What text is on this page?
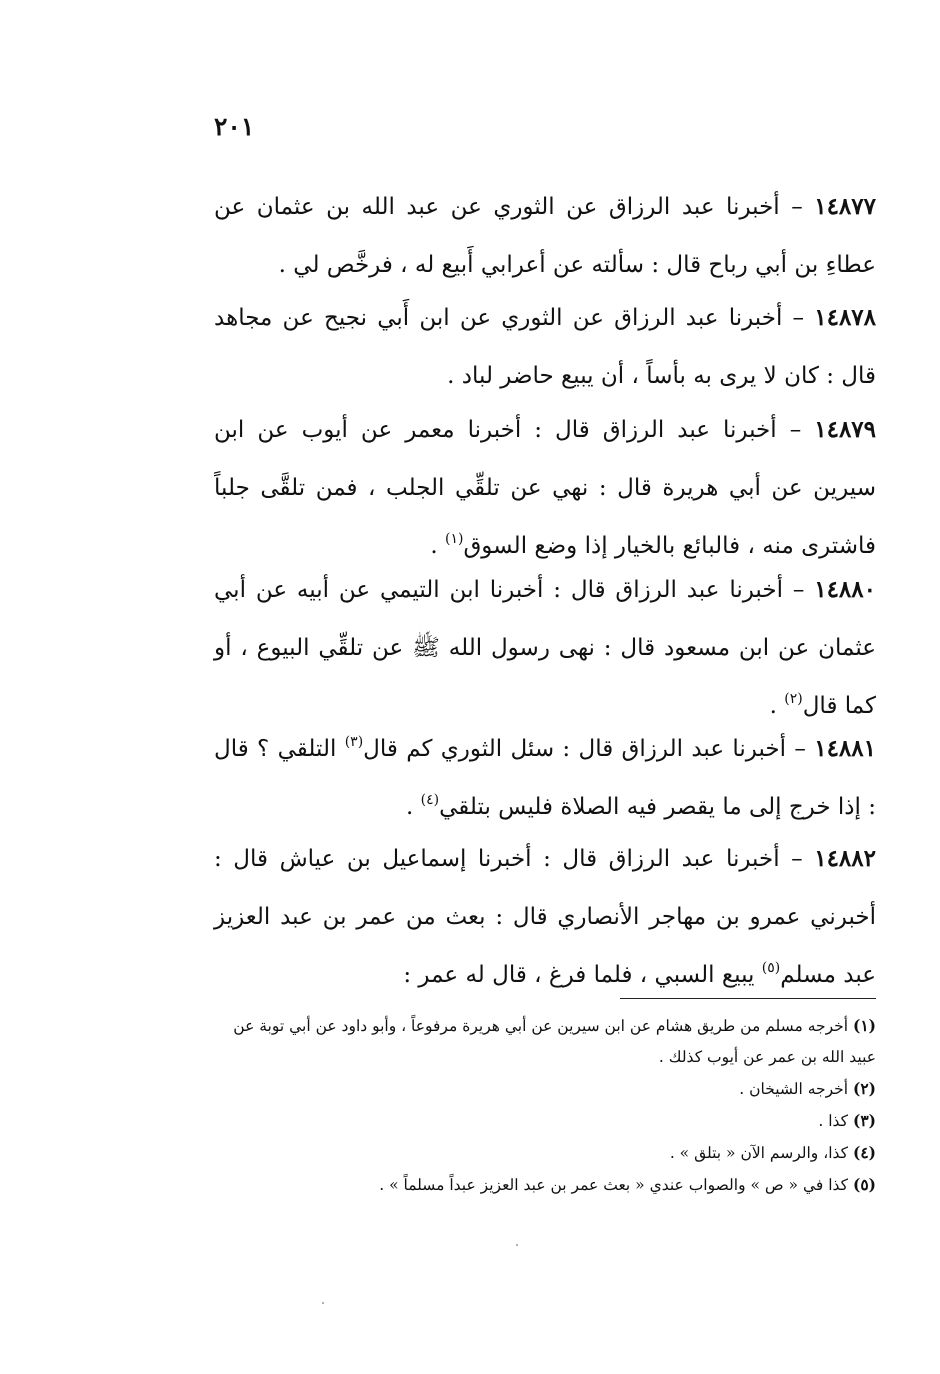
٢٠١

١٤٨٧٧ – أخبرنا عبد الرزاق عن الثوري عن عبد الله بن عثمان عن عطاءِ بن أبي رباح قال : سألته عن أعرابي أَبيع له ، فرخَّص لي .

١٤٨٧٨ – أخبرنا عبد الرزاق عن الثوري عن ابن أَبي نجيح عن مجاهد قال : كان لا يرى به بأساً ، أن يبيع حاضر لباد .

١٤٨٧٩ – أخبرنا عبد الرزاق قال : أخبرنا معمر عن أيوب عن ابن سيرين عن أبي هريرة قال : نهي عن تلقِّي الجلب ، فمن تلقَّى جلباً فاشترى منه ، فالبائع بالخيار إذا وضع السوق$^{(١)}$ .

١٤٨٨٠ – أخبرنا عبد الرزاق قال : أخبرنا ابن التيمي عن أبيه عن أبي عثمان عن ابن مسعود قال : نهى رسول الله ﷺ عن تلقِّي البيوع ، أو كما قال$^{(٢)}$ .

١٤٨٨١ – أخبرنا عبد الرزاق قال : سئل الثوري كم قال$^{(٣)}$ التلقي ؟ قال : إذا خرج إلى ما يقصر فيه الصلاة فليس بتلقي$^{(٤)}$ .

١٤٨٨٢ – أخبرنا عبد الرزاق قال : أخبرنا إسماعيل بن عياش قال : أخبرني عمرو بن مهاجر الأنصاري قال : بعث من عمر بن عبد العزيز عبد مسلم$^{(٥)}$ يبيع السبي ، فلما فرغ ، قال له عمر :

(١) أخرجه مسلم من طريق هشام عن ابن سيرين عن أبي هريرة مرفوعاً ، وأبو داود عن أبي توبة عن عبيد الله بن عمر عن أيوب كذلك .

(٢) أخرجه الشيخان .

(٣) كذا .

(٤) كذا، والرسم الآن « بتلق » .

(٥) كذا في « ص » والصواب عندي « بعث عمر بن عبد العزيز عبداً مسلماً » .
